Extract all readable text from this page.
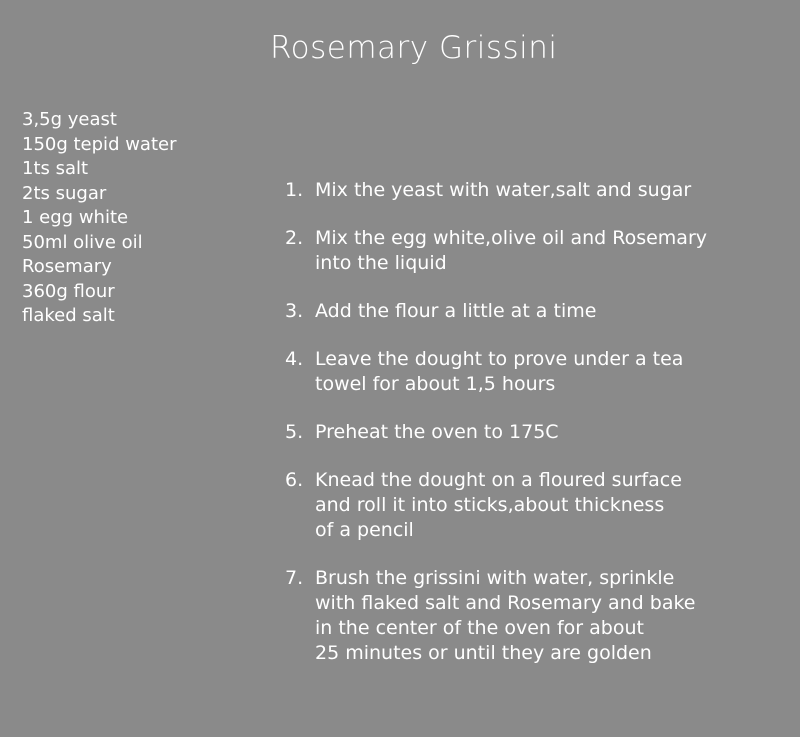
Rosemary Grissini
3,5g yeast
150g tepid water
1ts salt
2ts sugar
1 egg white
50ml olive oil
Rosemary
360g flour
flaked salt
1. Mix the yeast with water,salt and sugar
2. Mix the egg white,olive oil and Rosemary
into the liquid
3. Add the flour a little at a time
4. Leave the dought to prove under a tea
towel for about 1,5 hours
5. Preheat the oven to 175C
6. Knead the dought on a floured surface
and roll it into sticks,about thickness
of a pencil
7. Brush the grissini with water, sprinkle
with flaked salt and Rosemary and bake
in the center of the oven for about
25 minutes or until they are golden
